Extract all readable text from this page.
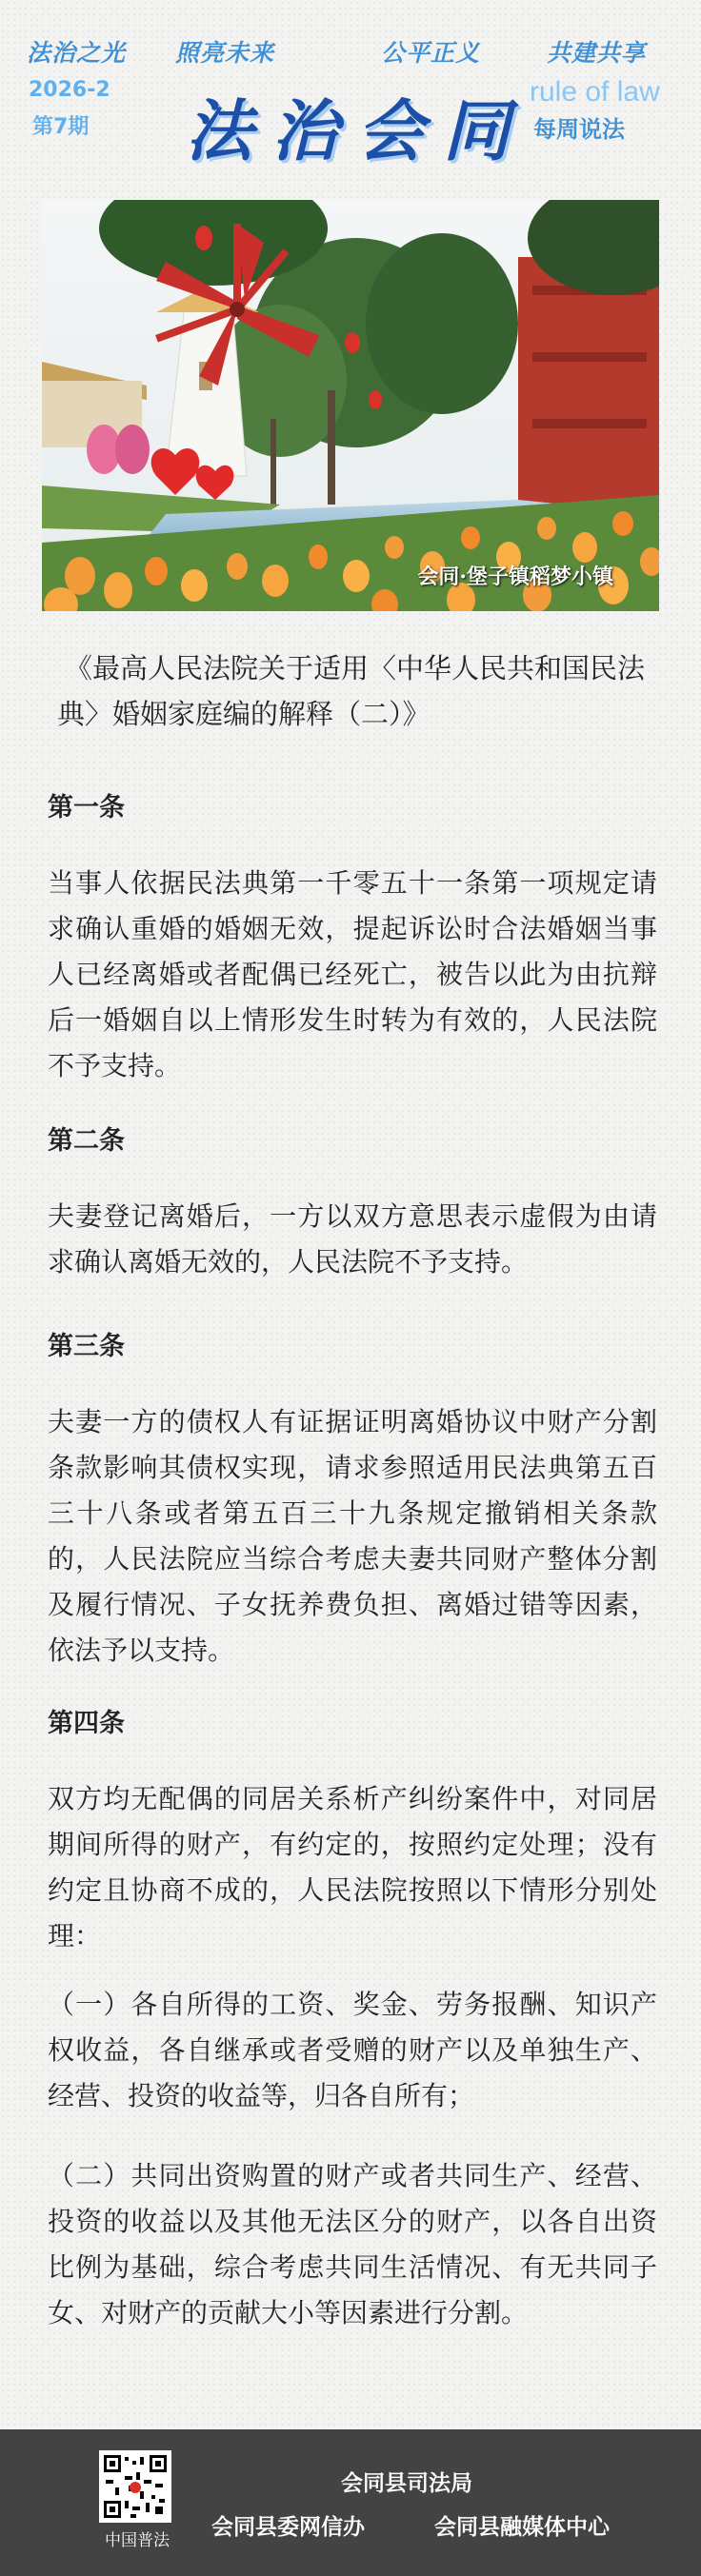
法治之光 照亮未来	公平正义	共建共享
2026-2
第7期 法治会同 rule of law
每周说法
会同·堡子镇稻梦小镇
《最高人民法院关于适用〈中华人民共和国民法典〉婚姻家庭编的解释（二）》
第一条
当事人依据民法典第一千零五十一条第一项规定请求确认重婚的婚姻无效，提起诉讼时合法婚姻当事人已经离婚或者配偶已经死亡，被告以此为由抗辩后一婚姻自以上情形发生时转为有效的，人民法院不予支持。
第二条
夫妻登记离婚后，一方以双方意思表示虚假为由请求确认离婚无效的，人民法院不予支持。
第三条
夫妻一方的债权人有证据证明离婚协议中财产分割条款影响其债权实现，请求参照适用民法典第五百三十八条或者第五百三十九条规定撤销相关条款的，人民法院应当综合考虑夫妻共同财产整体分割及履行情况、子女抚养费负担、离婚过错等因素，依法予以支持。
第四条
双方均无配偶的同居关系析产纠纷案件中，对同居期间所得的财产，有约定的，按照约定处理；没有约定且协商不成的，人民法院按照以下情形分别处理：
（一）各自所得的工资、奖金、劳务报酬、知识产权收益，各自继承或者受赠的财产以及单独生产、经营、投资的收益等，归各自所有；
（二）共同出资购置的财产或者共同生产、经营、投资的收益以及其他无法区分的财产，以各自出资比例为基础，综合考虑共同生活情况、有无共同子女、对财产的贡献大小等因素进行分割。
中国普法
会同县司法局
会同县委网信办	会同县融媒体中心
